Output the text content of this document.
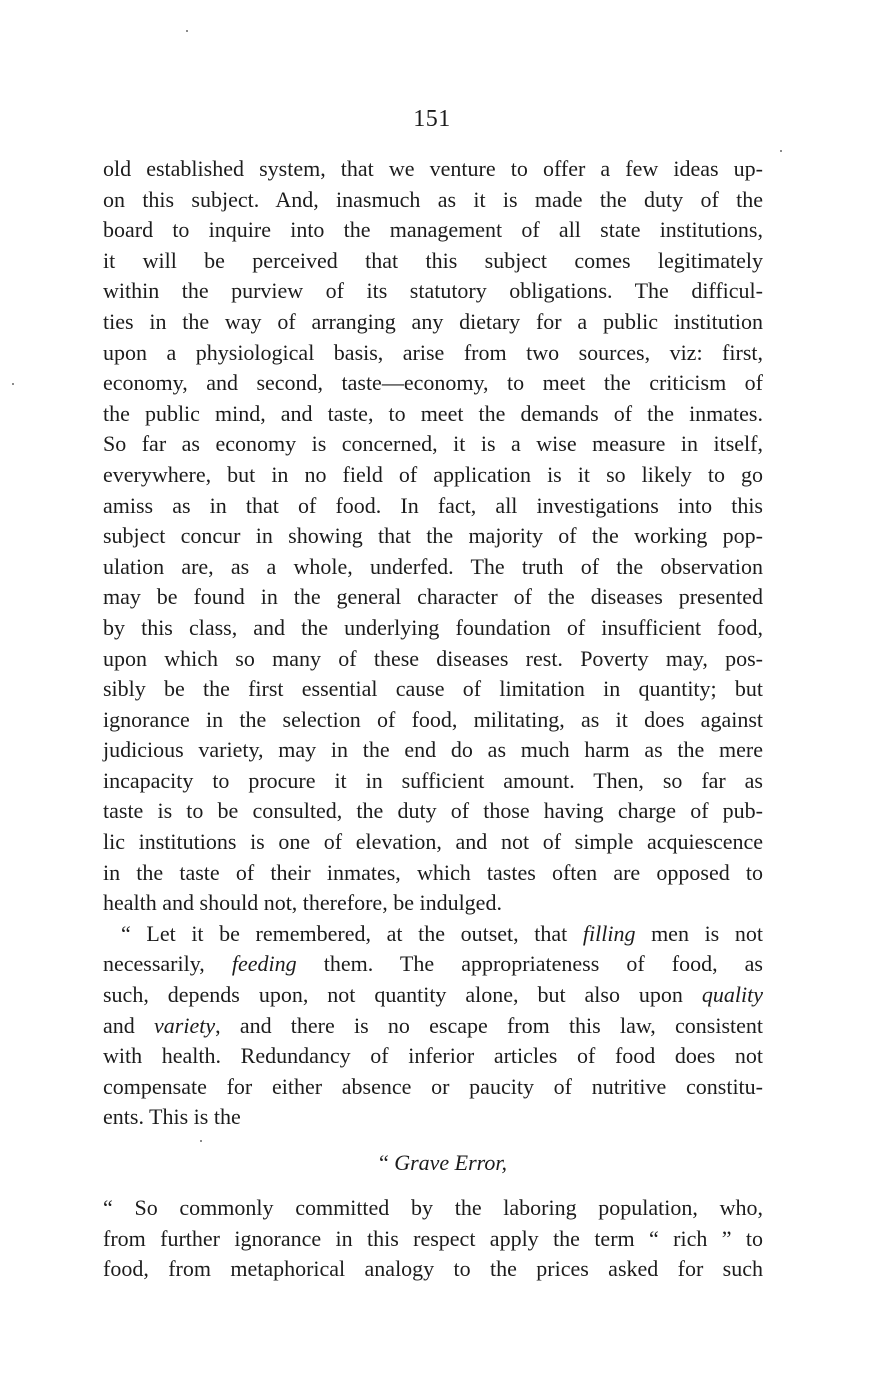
151
old established system, that we venture to offer a few ideas up-
on this subject. And, inasmuch as it is made the duty of the
board to inquire into the management of all state institutions,
it will be perceived that this subject comes legitimately
within the purview of its statutory obligations. The difficul-
ties in the way of arranging any dietary for a public institution
upon a physiological basis, arise from two sources, viz: first,
economy, and second, taste—economy, to meet the criticism of
the public mind, and taste, to meet the demands of the inmates.
So far as economy is concerned, it is a wise measure in itself,
everywhere, but in no field of application is it so likely to go
amiss as in that of food. In fact, all investigations into this
subject concur in showing that the majority of the working pop-
ulation are, as a whole, underfed. The truth of the observation
may be found in the general character of the diseases presented
by this class, and the underlying foundation of insufficient food,
upon which so many of these diseases rest. Poverty may, pos-
sibly be the first essential cause of limitation in quantity; but
ignorance in the selection of food, militating, as it does against
judicious variety, may in the end do as much harm as the mere
incapacity to procure it in sufficient amount. Then, so far as
taste is to be consulted, the duty of those having charge of pub-
lic institutions is one of elevation, and not of simple acquiescence
in the taste of their inmates, which tastes often are opposed to
health and should not, therefore, be indulged.
“ Let it be remembered, at the outset, that filling men is not
necessarily, feeding them. The appropriateness of food, as
such, depends upon, not quantity alone, but also upon quality
and variety, and there is no escape from this law, consistent
with health. Redundancy of inferior articles of food does not
compensate for either absence or paucity of nutritive constitu-
ents. This is the
“ Grave Error,
“ So commonly committed by the laboring population, who,
from further ignorance in this respect apply the term “ rich ” to
food, from metaphorical analogy to the prices asked for such
